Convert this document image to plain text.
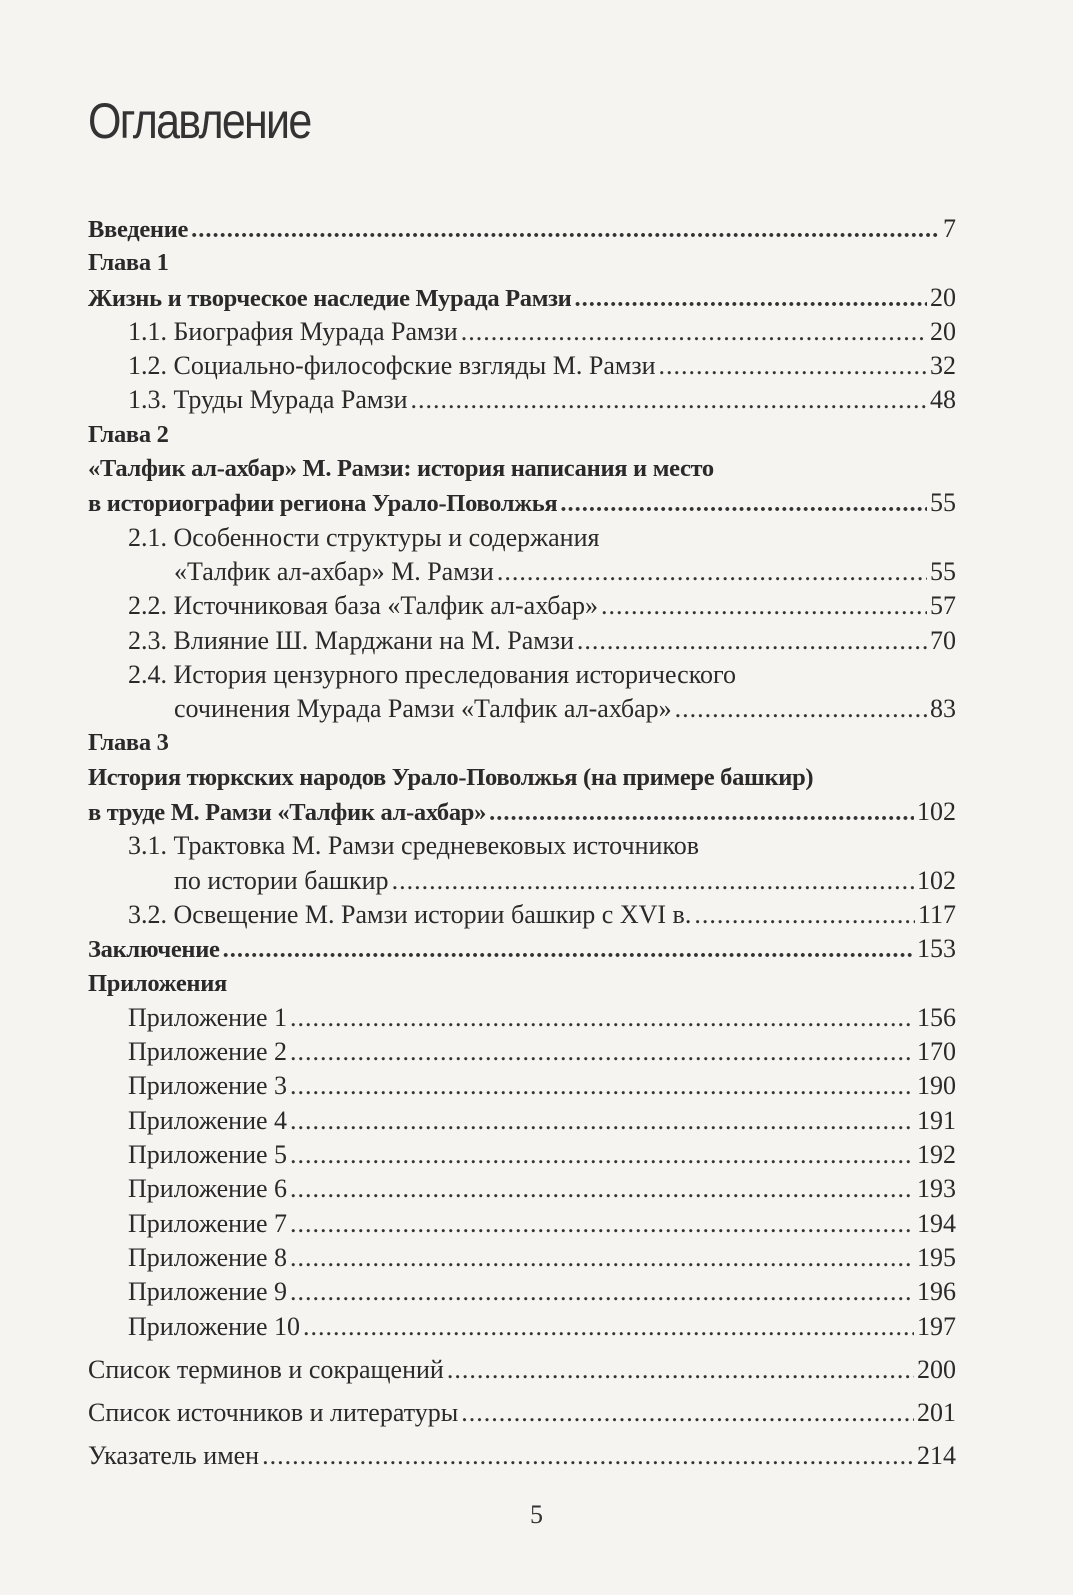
Оглавление
Введение .....	7
Глава 1
Жизнь и творческое наследие Мурада Рамзи .....	20
1.1. Биография Мурада Рамзи .....	20
1.2. Социально-философские взгляды М. Рамзи .....	32
1.3. Труды Мурада Рамзи .....	48
Глава 2
«Талфик ал-ахбар» М. Рамзи: история написания и место
в историографии региона Урало-Поволжья .....	55
2.1. Особенности структуры и содержания
«Талфик ал-ахбар» М. Рамзи .....	55
2.2. Источниковая база «Талфик ал-ахбар» .....	57
2.3. Влияние Ш. Марджани на М. Рамзи .....	70
2.4. История цензурного преследования исторического
сочинения Мурада Рамзи «Талфик ал-ахбар» .....	83
Глава 3
История тюркских народов Урало-Поволжья (на примере башкир)
в труде М. Рамзи «Талфик ал-ахбар» .....	102
3.1. Трактовка М. Рамзи средневековых источников
по истории башкир .....	102
3.2. Освещение М. Рамзи истории башкир с XVI в. .....	117
Заключение .....	153
Приложения
Приложение 1 .....	156
Приложение 2 .....	170
Приложение 3 .....	190
Приложение 4 .....	191
Приложение 5 .....	192
Приложение 6 .....	193
Приложение 7 .....	194
Приложение 8 .....	195
Приложение 9 .....	196
Приложение 10 .....	197
Список терминов и сокращений .....	200
Список источников и литературы .....	201
Указатель имен .....	214
5
